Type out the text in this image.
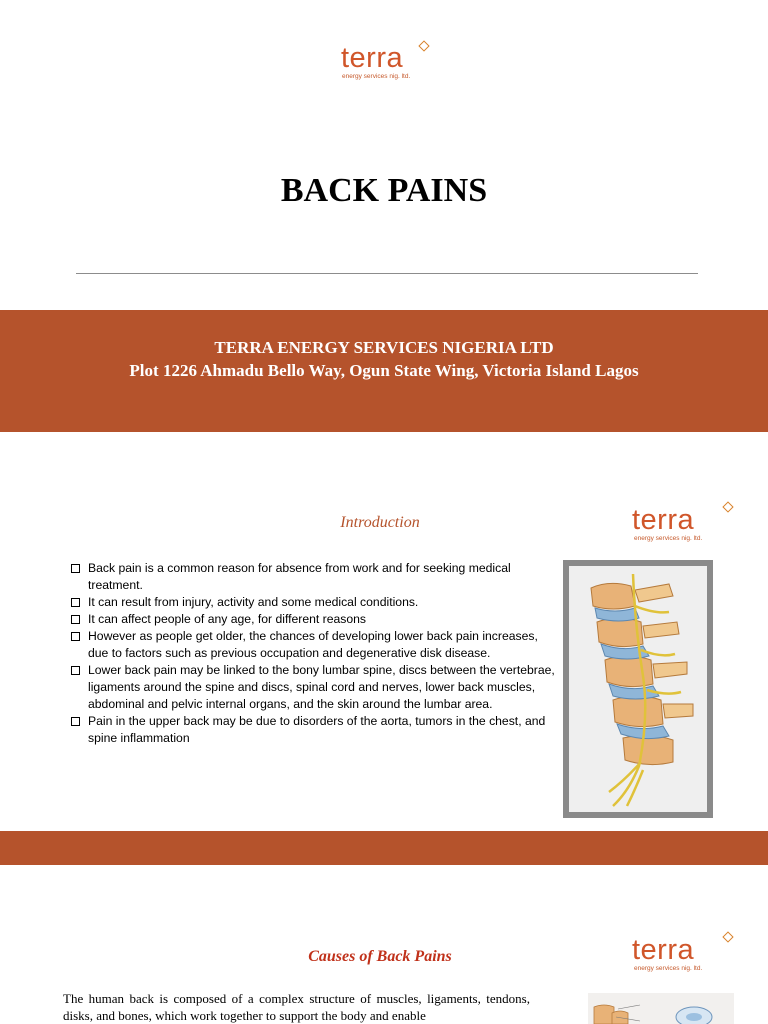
terra
energy services nig. ltd.
BACK PAINS
TERRA ENERGY SERVICES NIGERIA LTD
Plot 1226 Ahmadu Bello Way, Ogun State Wing, Victoria Island Lagos
Introduction	terra
energy services nig. ltd.
Back pain is a common reason for absence from work and for seeking medical treatment.
It can result from injury, activity and some medical conditions.
It can affect people of any age, for different reasons
However as people get older, the chances of developing lower back pain increases, due to factors such as previous occupation and degenerative disk disease.
Lower back pain may be linked to the bony lumbar spine, discs between the vertebrae, ligaments around the spine and discs, spinal cord and nerves, lower back muscles, abdominal and pelvic internal organs, and the skin around the lumbar area.
Pain in the upper back may be due to disorders of the aorta, tumors in the chest, and spine inflammation
Causes of Back Pains	terra
energy services nig. ltd.
The human back is composed of a complex structure of muscles, ligaments, tendons, disks, and bones, which work together to support the body and enable
